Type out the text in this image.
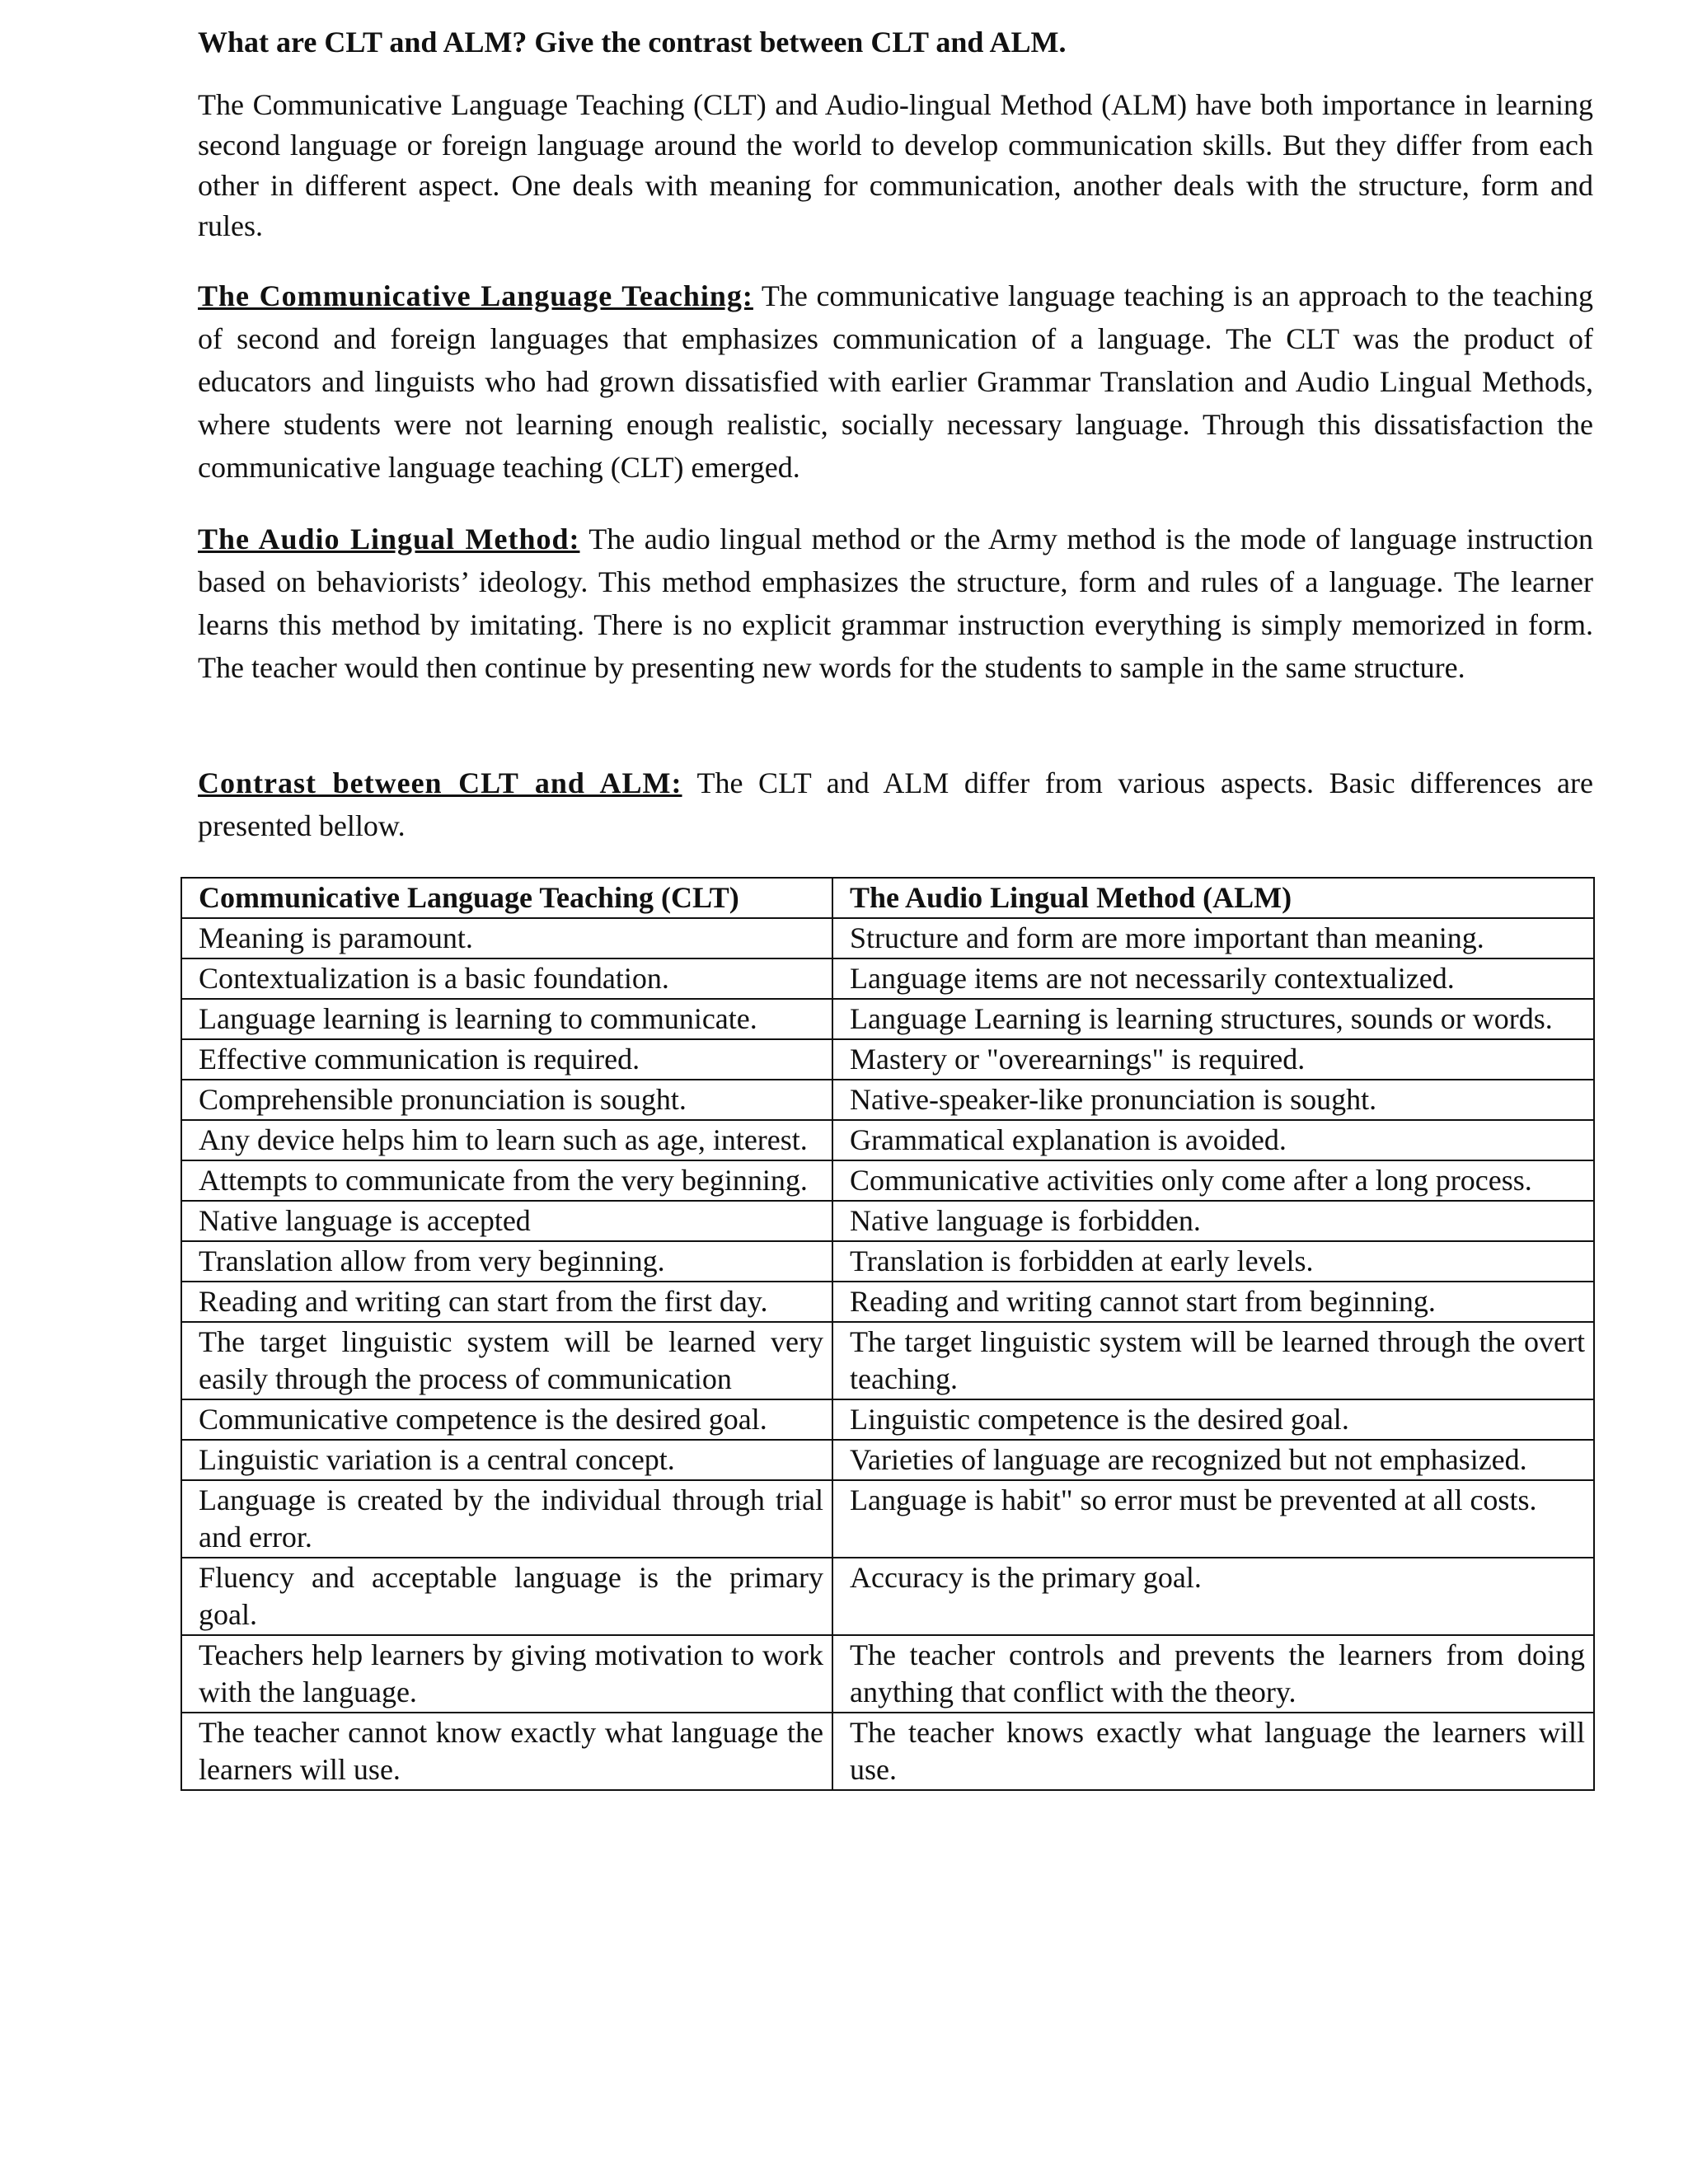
What are CLT and ALM? Give the contrast between CLT and ALM.

The Communicative Language Teaching (CLT) and Audio-lingual Method (ALM) have both importance in learning second language or foreign language around the world to develop communication skills. But they differ from each other in different aspect. One deals with meaning for communication, another deals with the structure, form and rules.

The Communicative Language Teaching: The communicative language teaching is an approach to the teaching of second and foreign languages that emphasizes communication of a language. The CLT was the product of educators and linguists who had grown dissatisfied with earlier Grammar Translation and Audio Lingual Methods, where students were not learning enough realistic, socially necessary language. Through this dissatisfaction the communicative language teaching (CLT) emerged.

The Audio Lingual Method: The audio lingual method or the Army method is the mode of language instruction based on behaviorists’ ideology. This method emphasizes the structure, form and rules of a language. The learner learns this method by imitating. There is no explicit grammar instruction everything is simply memorized in form. The teacher would then continue by presenting new words for the students to sample in the same structure.

Contrast between CLT and ALM: The CLT and ALM differ from various aspects. Basic differences are presented bellow.

Communicative Language Teaching (CLT)	The Audio Lingual Method (ALM)
Meaning is paramount.	Structure and form are more important than meaning.
Contextualization is a basic foundation.	Language items are not necessarily contextualized.
Language learning is learning to communicate.	Language Learning is learning structures, sounds or words.
Effective communication is required.	Mastery or "overearnings" is required.
Comprehensible pronunciation is sought.	Native-speaker-like pronunciation is sought.
Any device helps him to learn such as age, interest.	Grammatical explanation is avoided.
Attempts to communicate from the very beginning.	Communicative activities only come after a long process.
Native language is accepted	Native language is forbidden.
Translation allow from very beginning.	Translation is forbidden at early levels.
Reading and writing can start from the first day.	Reading and writing cannot start from beginning.
The target linguistic system will be learned very easily through the process of communication	The target linguistic system will be learned through the overt teaching.
Communicative competence is the desired goal.	Linguistic competence is the desired goal.
Linguistic variation is a central concept.	Varieties of language are recognized but not emphasized.
Language is created by the individual through trial and error.	Language is habit" so error must be prevented at all costs.
Fluency and acceptable language is the primary goal.	Accuracy is the primary goal.
Teachers help learners by giving motivation to work with the language.	The teacher controls and prevents the learners from doing anything that conflict with the theory.
The teacher cannot know exactly what language the learners will use.	The teacher knows exactly what language the learners will use.
